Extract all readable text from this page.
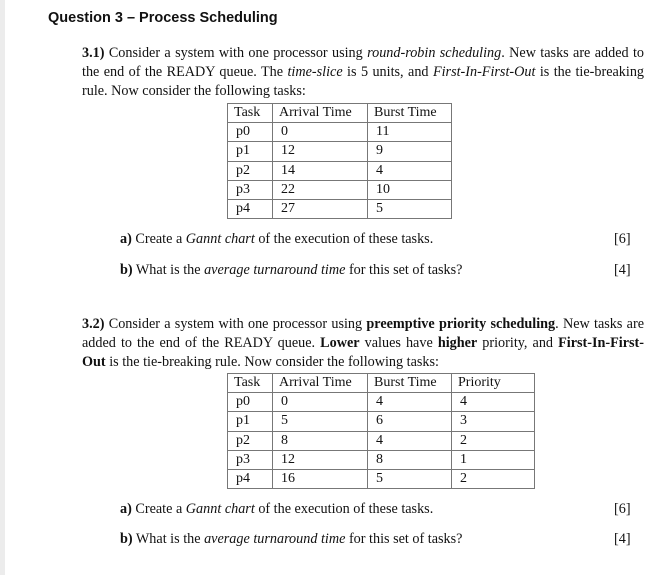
Question 3 – Process Scheduling
3.1) Consider a system with one processor using round-robin scheduling. New tasks are added to the end of the READY queue. The time-slice is 5 units, and First-In-First-Out is the tie-breaking rule. Now consider the following tasks:
Task	Arrival Time	Burst Time
p0	0	11
p1	12	9
p2	14	4
p3	22	10
p4	27	5
a) Create a Gannt chart of the execution of these tasks.	[6]
b) What is the average turnaround time for this set of tasks?	[4]
3.2) Consider a system with one processor using preemptive priority scheduling. New tasks are added to the end of the READY queue. Lower values have higher priority, and First-In-First-Out is the tie-breaking rule. Now consider the following tasks:
Task	Arrival Time	Burst Time	Priority
p0	0	4	4
p1	5	6	3
p2	8	4	2
p3	12	8	1
p4	16	5	2
a) Create a Gannt chart of the execution of these tasks.	[6]
b) What is the average turnaround time for this set of tasks?	[4]
